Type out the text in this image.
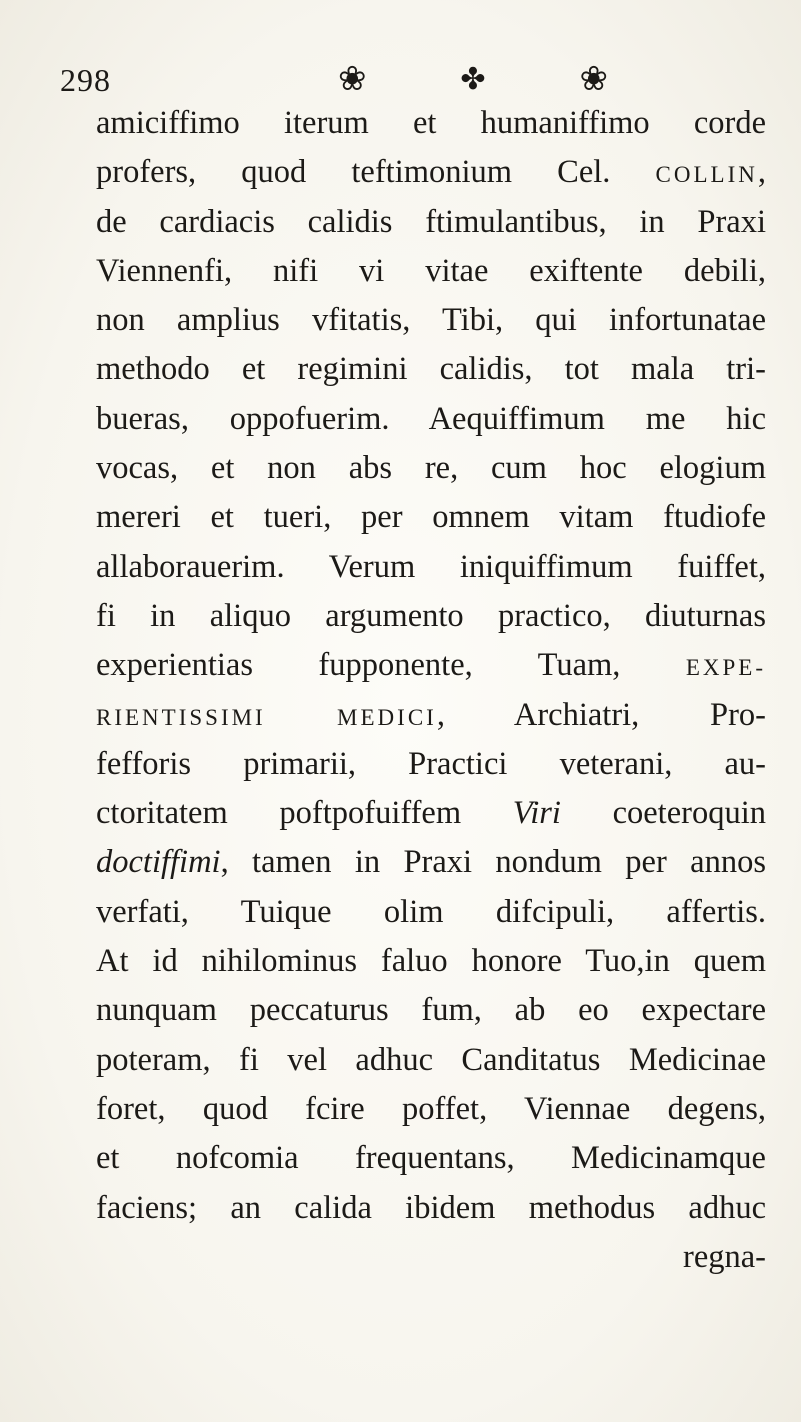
298	❀	✤	❀
amiciffimo iterum et humaniffimo corde
profers, quod teftimonium Cel. COLLIN,
de cardiacis calidis ftimulantibus, in Praxi
Viennenfi, nifi vi vitae exiftente debili,
non amplius vfitatis, Tibi, qui infortunatae
methodo et regimini calidis, tot mala tri-
bueras, oppofuerim. Aequiffimum me hic
vocas, et non abs re, cum hoc elogium
mereri et tueri, per omnem vitam ftudiofe
allaborauerim. Verum iniquiffimum fuiffet,
fi in aliquo argumento practico, diuturnas
experientias fupponente, Tuam, EXPE-
RIENTISSIMI MEDICI, Archiatri, Pro-
fefforis primarii, Practici veterani, au-
ctoritatem poftpofuiffem Viri coeteroquin
doctiffimi, tamen in Praxi nondum per annos
verfati, Tuique olim difcipuli, affertis.
At id nihilominus faluo honore Tuo,in quem
nunquam peccaturus fum, ab eo expectare
poteram, fi vel adhuc Canditatus Medicinae
foret, quod fcire poffet, Viennae degens,
et nofcomia frequentans, Medicinamque
faciens; an calida ibidem methodus adhuc
regna-
